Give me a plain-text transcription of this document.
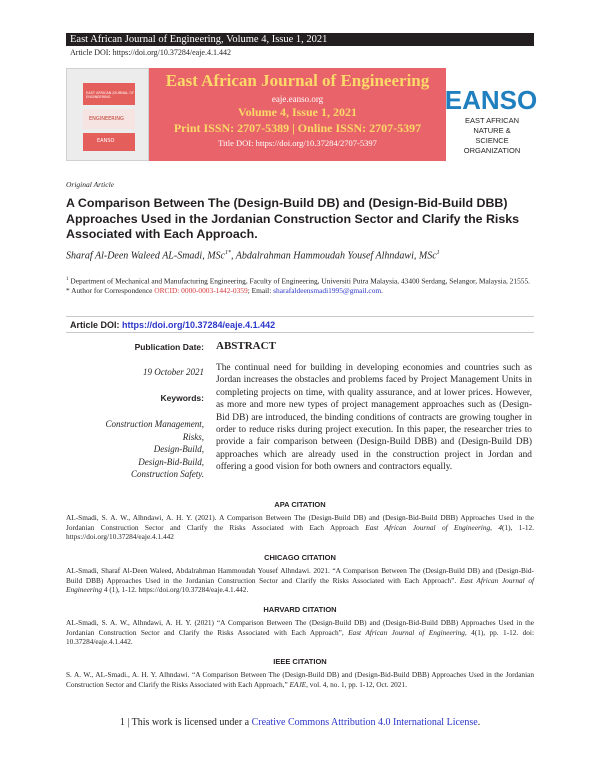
East African Journal of Engineering, Volume 4, Issue 1, 2021
Article DOI: https://doi.org/10.37284/eaje.4.1.442
EAST AFRICAN JOURNAL OF ENGINEERING
ENGINEERING
EANSO
East African Journal of Engineering
eaje.eanso.org
Volume 4, Issue 1, 2021
Print ISSN: 2707-5389 | Online ISSN: 2707-5397
Title DOI: https://doi.org/10.37284/2707-5397
EANSO
EAST AFRICAN
NATURE &
SCIENCE
ORGANIZATION
Original Article
A Comparison Between The (Design-Build DB) and (Design-Bid-Build DBB) Approaches Used in the Jordanian Construction Sector and Clarify the Risks Associated with Each Approach.
Sharaf Al-Deen Waleed AL-Smadi, MSc$^{1*}$, Abdalrahman Hammoudah Yousef Alhndawi, MSc$^1$
$^1$ Department of Mechanical and Manufacturing Engineering, Faculty of Engineering, Universiti Putra Malaysia, 43400 Serdang, Selangor, Malaysia, 21555.
* Author for Correspondence ORCID: 0000-0003-1442-0359; Email: sharafaldeensmadi1995@gmail.com.
Article DOI: https://doi.org/10.37284/eaje.4.1.442
Publication Date:
19 October 2021
Keywords:
Construction Management,
Risks,
Design-Build,
Design-Bid-Build,
Construction Safety.
ABSTRACT
The continual need for building in developing economies and countries such as Jordan increases the obstacles and problems faced by Project Management Units in completing projects on time, with quality assurance, and at lower prices. However, as more and more new types of project management approaches such as (Design-Bid DB) are introduced, the binding conditions of contracts are growing tougher in order to reduce risks during project execution. In this paper, the researcher tries to provide a fair comparison between (Design-Build DBB) and (Design-Build DB) approaches which are already used in the construction project in Jordan and offering a good vision for both owners and contractors equally.
APA CITATION
AL-Smadi, S. A. W., Alhndawi, A. H. Y. (2021). A Comparison Between The (Design-Build DB) and (Design-Bid-Build DBB) Approaches Used in the Jordanian Construction Sector and Clarify the Risks Associated with Each Approach East African Journal of Engineering, 4(1), 1-12. https://doi.org/10.37284/eaje.4.1.442
CHICAGO CITATION
AL-Smadi, Sharaf Al-Deen Waleed, Abdalrahman Hammoudah Yousef Alhndawi. 2021. “A Comparison Between The (Design-Build DB) and (Design-Bid-Build DBB) Approaches Used in the Jordanian Construction Sector and Clarify the Risks Associated with Each Approach”. East African Journal of Engineering 4 (1), 1-12. https://doi.org/10.37284/eaje.4.1.442.
HARVARD CITATION
AL-Smadi, S. A. W., Alhndawi, A. H. Y. (2021) “A Comparison Between The (Design-Build DB) and (Design-Bid-Build DBB) Approaches Used in the Jordanian Construction Sector and Clarify the Risks Associated with Each Approach”, East African Journal of Engineering, 4(1), pp. 1-12. doi: 10.37284/eaje.4.1.442.
IEEE CITATION
S. A. W., AL-Smadi., A. H. Y. Alhndawi. “A Comparison Between The (Design-Build DB) and (Design-Bid-Build DBB) Approaches Used in the Jordanian Construction Sector and Clarify the Risks Associated with Each Approach,” EAJE, vol. 4, no. 1, pp. 1-12, Oct. 2021.
1 | This work is licensed under a Creative Commons Attribution 4.0 International License.
